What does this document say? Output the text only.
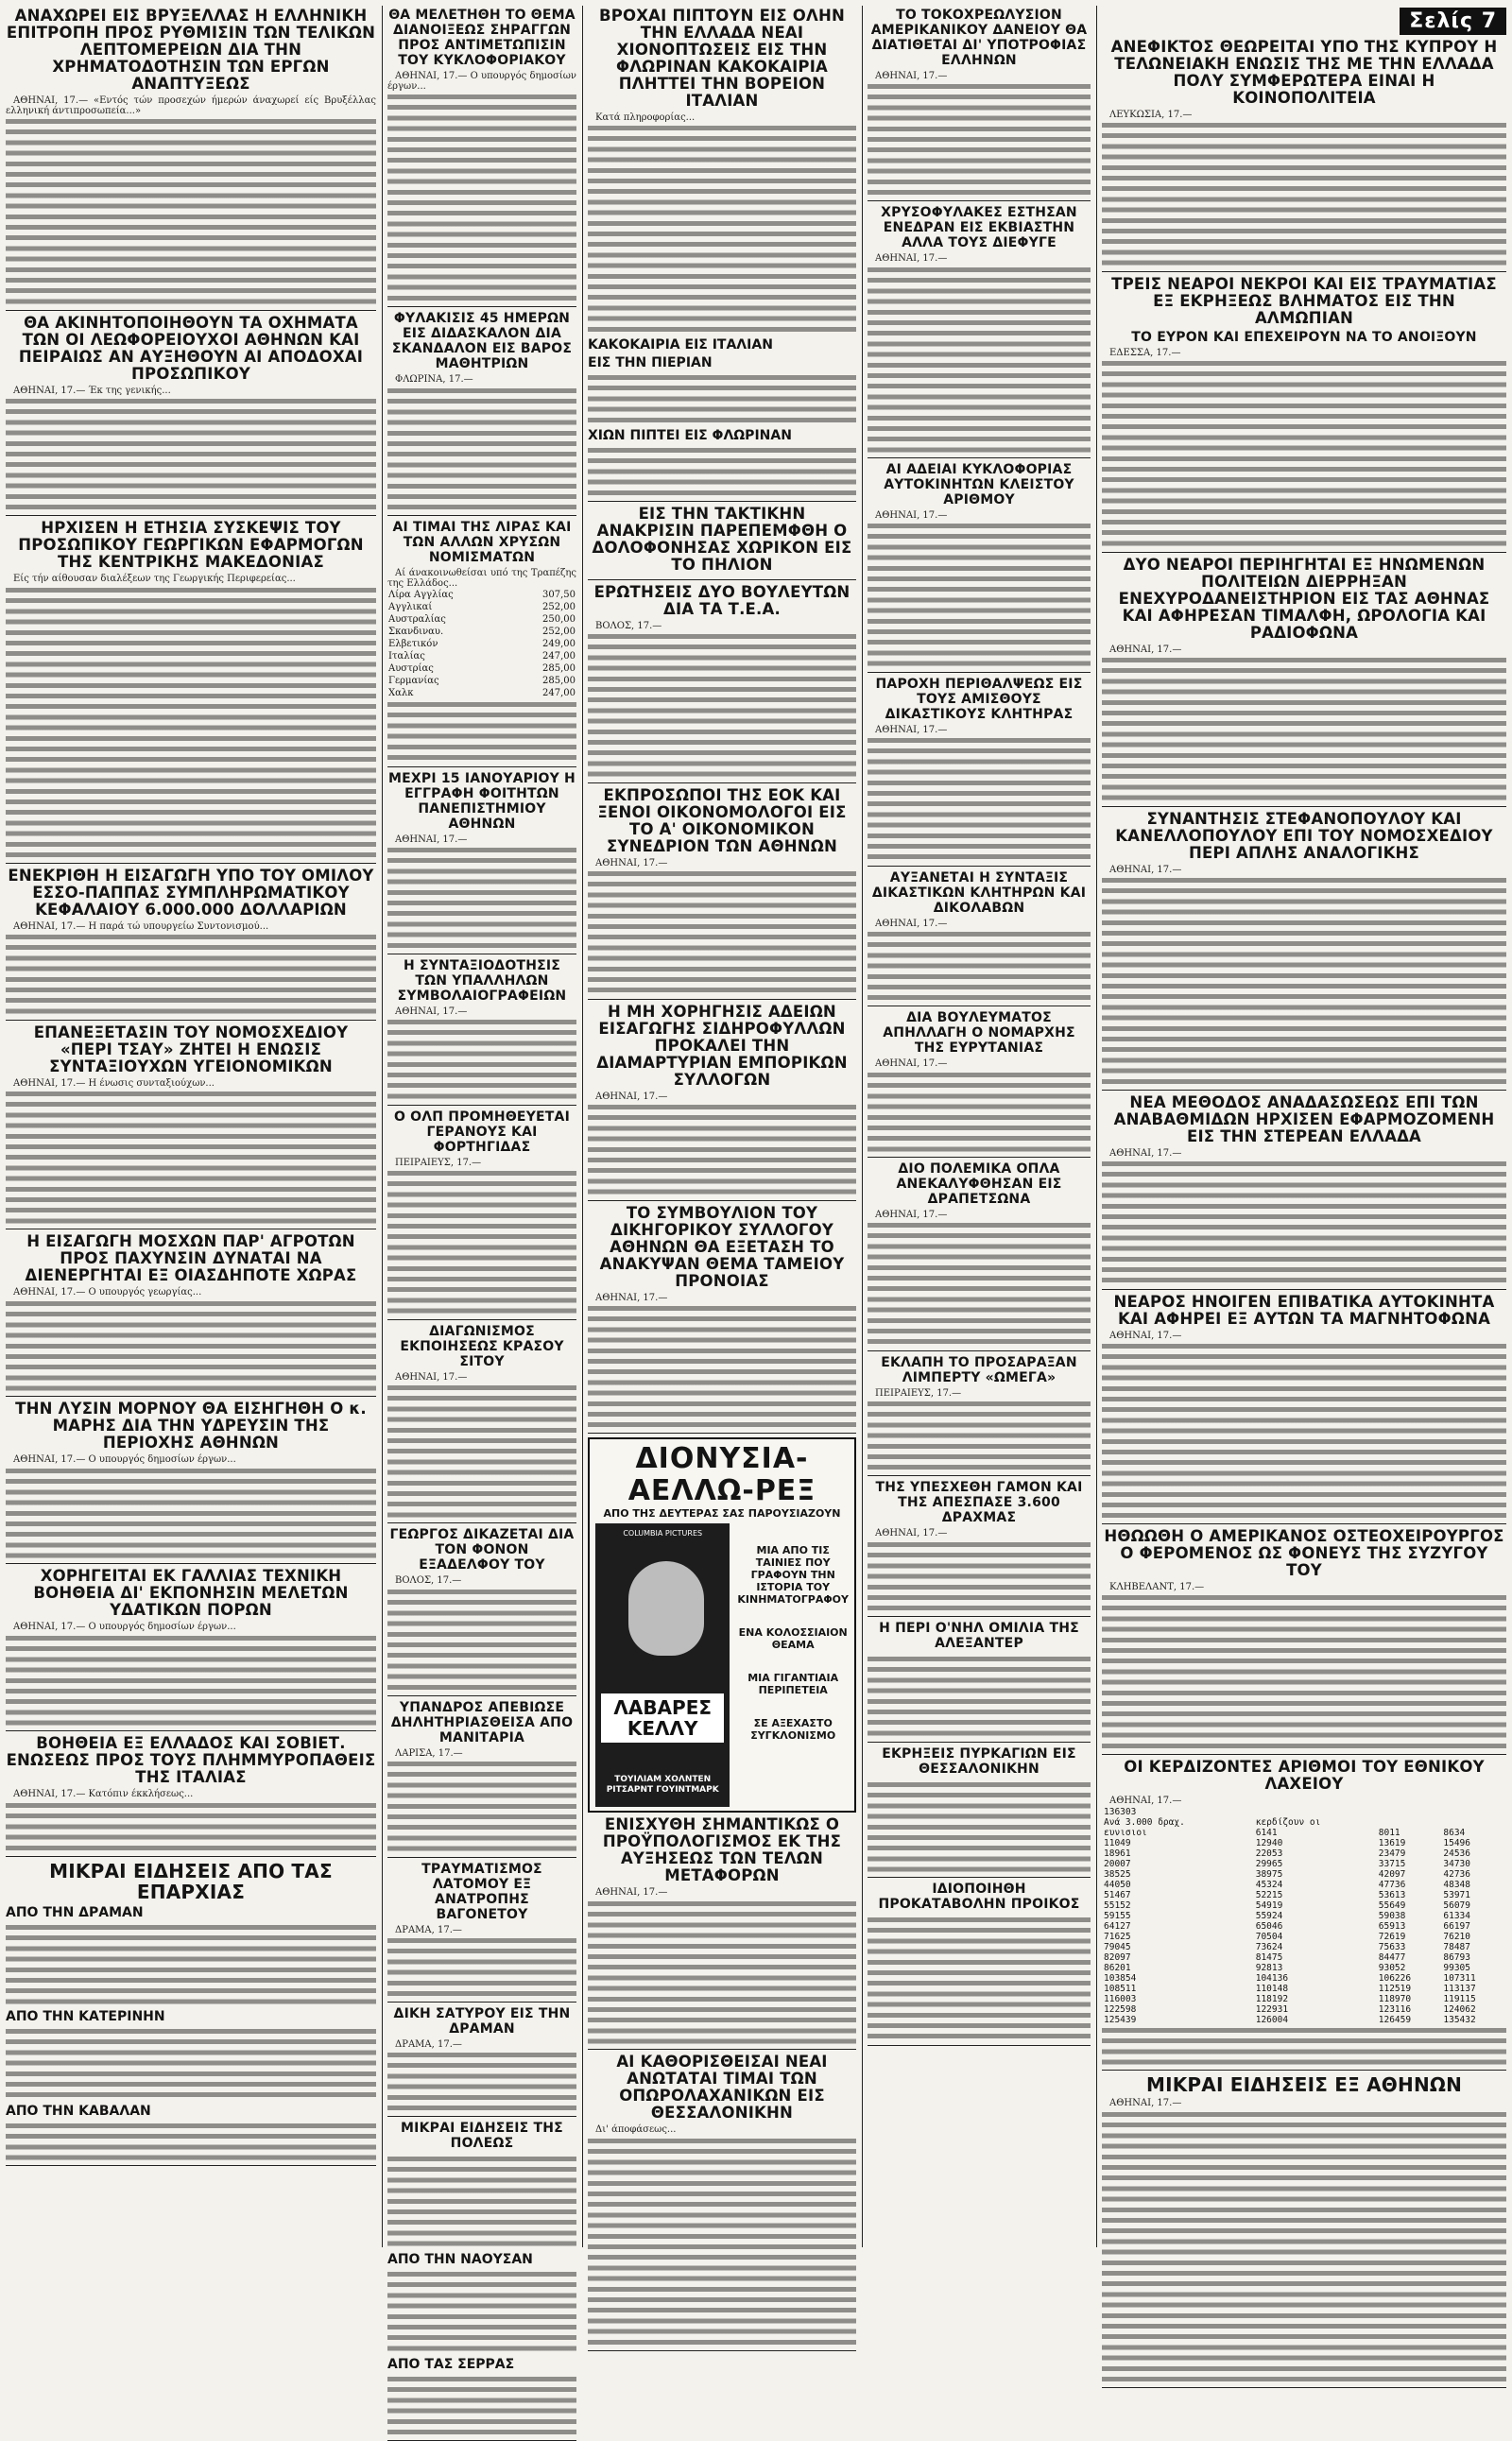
ΑΝΑΧΩΡΕΙ ΕΙΣ ΒΡΥΞΕΛΛΑΣ Η ΕΛΛΗΝΙΚΗ ΕΠΙΤΡΟΠΗ ΠΡΟΣ ΡΥΘΜΙΣΙΝ ΤΩΝ ΤΕΛΙΚΩΝ ΛΕΠΤΟΜΕΡΕΙΩΝ ΔΙΑ ΤΗΝ ΧΡΗΜΑΤΟΔΟΤΗΣΙΝ ΤΩΝ ΕΡΓΩΝ ΑΝΑΠΤΥΞΕΩΣ

ΑΘΗΝΑΙ, 17.— «Εντός τών προσεχών ήμερών άναχωρεί είς Βρυξέλλας ελληνική άντιπροσωπεία...»

ΘΑ ΑΚΙΝΗΤΟΠΟΙΗΘΟΥΝ ΤΑ ΟΧΗΜΑΤΑ ΤΩΝ ΟΙ ΛΕΩΦΟΡΕΙΟΥΧΟΙ ΑΘΗΝΩΝ ΚΑΙ ΠΕΙΡΑΙΩΣ ΑΝ ΑΥΞΗΘΟΥΝ ΑΙ ΑΠΟΔΟΧΑΙ ΠΡΟΣΩΠΙΚΟΥ

ΑΘΗΝΑΙ, 17.— Έκ της γενικής...

ΗΡΧΙΣΕΝ Η ΕΤΗΣΙΑ ΣΥΣΚΕΨΙΣ ΤΟΥ ΠΡΟΣΩΠΙΚΟΥ ΓΕΩΡΓΙΚΩΝ ΕΦΑΡΜΟΓΩΝ ΤΗΣ ΚΕΝΤΡΙΚΗΣ ΜΑΚΕΔΟΝΙΑΣ

Είς τήν αίθουσαν διαλέξεων της Γεωργικής Περιφερείας...

ΕΝΕΚΡΙΘΗ Η ΕΙΣΑΓΩΓΗ ΥΠΟ ΤΟΥ ΟΜΙΛΟΥ ΕΣΣΟ-ΠΑΠΠΑΣ ΣΥΜΠΛΗΡΩΜΑΤΙΚΟΥ ΚΕΦΑΛΑΙΟΥ 6.000.000 ΔΟΛΛΑΡΙΩΝ

ΑΘΗΝΑΙ, 17.— Η παρά τώ υπουργείω Συντονισμού...

ΕΠΑΝΕΞΕΤΑΣΙΝ ΤΟΥ ΝΟΜΟΣΧΕΔΙΟΥ «ΠΕΡΙ ΤΣΑΥ» ΖΗΤΕΙ Η ΕΝΩΣΙΣ ΣΥΝΤΑΞΙΟΥΧΩΝ ΥΓΕΙΟΝΟΜΙΚΩΝ

ΑΘΗΝΑΙ, 17.— Η ένωσις συνταξιούχων...

Η ΕΙΣΑΓΩΓΗ ΜΟΣΧΩΝ ΠΑΡ' ΑΓΡΟΤΩΝ ΠΡΟΣ ΠΑΧΥΝΣΙΝ ΔΥΝΑΤΑΙ ΝΑ ΔΙΕΝΕΡΓΗΤΑΙ ΕΞ ΟΙΑΣΔΗΠΟΤΕ ΧΩΡΑΣ

ΑΘΗΝΑΙ, 17.— Ο υπουργός γεωργίας...

ΤΗΝ ΛΥΣΙΝ ΜΟΡΝΟΥ ΘΑ ΕΙΣΗΓΗΘΗ Ο κ. ΜΑΡΗΣ ΔΙΑ ΤΗΝ ΥΔΡΕΥΣΙΝ ΤΗΣ ΠΕΡΙΟΧΗΣ ΑΘΗΝΩΝ

ΑΘΗΝΑΙ, 17.— Ο υπουργός δημοσίων έργων...

ΧΟΡΗΓΕΙΤΑΙ ΕΚ ΓΑΛΛΙΑΣ ΤΕΧΝΙΚΗ ΒΟΗΘΕΙΑ ΔΙ' ΕΚΠΟΝΗΣΙΝ ΜΕΛΕΤΩΝ ΥΔΑΤΙΚΩΝ ΠΟΡΩΝ

ΑΘΗΝΑΙ, 17.— Ο υπουργός δημοσίων έργων...

ΒΟΗΘΕΙΑ ΕΞ ΕΛΛΑΔΟΣ ΚΑΙ ΣΟΒΙΕΤ. ΕΝΩΣΕΩΣ ΠΡΟΣ ΤΟΥΣ ΠΛΗΜΜΥΡΟΠΑΘΕΙΣ ΤΗΣ ΙΤΑΛΙΑΣ

ΑΘΗΝΑΙ, 17.— Κατόπιν έκκλήσεως...

ΜΙΚΡΑΙ ΕΙΔΗΣΕΙΣ ΑΠΟ ΤΑΣ ΕΠΑΡΧΙΑΣ
ΑΠΟ ΤΗΝ ΔΡΑΜΑΝ
ΑΠΟ ΤΗΝ ΚΑΤΕΡΙΝΗΝ
ΑΠΟ ΤΗΝ ΚΑΒΑΛΑΝ
ΘΑ ΜΕΛΕΤΗΘΗ ΤΟ ΘΕΜΑ ΔΙΑΝΟΙΞΕΩΣ ΣΗΡΑΓΓΩΝ ΠΡΟΣ ΑΝΤΙΜΕΤΩΠΙΣΙΝ ΤΟΥ ΚΥΚΛΟΦΟΡΙΑΚΟΥ

ΑΘΗΝΑΙ, 17.— Ο υπουργός δημοσίων έργων...

ΦΥΛΑΚΙΣΙΣ 45 ΗΜΕΡΩΝ ΕΙΣ ΔΙΔΑΣΚΑΛΟΝ ΔΙΑ ΣΚΑΝΔΑΛΟΝ ΕΙΣ ΒΑΡΟΣ ΜΑΘΗΤΡΙΩΝ

ΦΛΩΡΙΝΑ, 17.—

ΑΙ ΤΙΜΑΙ ΤΗΣ ΛΙΡΑΣ ΚΑΙ ΤΩΝ ΑΛΛΩΝ ΧΡΥΣΩΝ ΝΟΜΙΣΜΑΤΩΝ

Αί άνακοινωθείσαι υπό της Τραπέζης της Ελλάδος...

Λίρα Αγγλίας	307,50
Αγγλικαί	252,00
Αυστραλίας	250,00
Σκανδιναυ.	252,00
Ελβετικόν	249,00
Ιταλίας	247,00
Αυστρίας	285,00
Γερμανίας	285,00
Χαλκ	247,00
ΜΕΧΡΙ 15 ΙΑΝΟΥΑΡΙΟΥ Η ΕΓΓΡΑΦΗ ΦΟΙΤΗΤΩΝ ΠΑΝΕΠΙΣΤΗΜΙΟΥ ΑΘΗΝΩΝ

ΑΘΗΝΑΙ, 17.—

Η ΣΥΝΤΑΞΙΟΔΟΤΗΣΙΣ ΤΩΝ ΥΠΑΛΛΗΛΩΝ ΣΥΜΒΟΛΑΙΟΓΡΑΦΕΙΩΝ

ΑΘΗΝΑΙ, 17.—

Ο ΟΛΠ ΠΡΟΜΗΘΕΥΕΤΑΙ ΓΕΡΑΝΟΥΣ ΚΑΙ ΦΟΡΤΗΓΙΔΑΣ

ΠΕΙΡΑΙΕΥΣ, 17.—

ΔΙΑΓΩΝΙΣΜΟΣ ΕΚΠΟΙΗΣΕΩΣ ΚΡΑΣΟΥ ΣΙΤΟΥ

ΑΘΗΝΑΙ, 17.—

ΓΕΩΡΓΟΣ ΔΙΚΑΖΕΤΑΙ ΔΙΑ ΤΟΝ ΦΟΝΟΝ ΕΞΑΔΕΛΦΟΥ ΤΟΥ

ΒΟΛΟΣ, 17.—

ΥΠΑΝΔΡΟΣ ΑΠΕΒΙΩΣΕ ΔΗΛΗΤΗΡΙΑΣΘΕΙΣΑ ΑΠΟ ΜΑΝΙΤΑΡΙΑ

ΛΑΡΙΣΑ, 17.—

ΤΡΑΥΜΑΤΙΣΜΟΣ ΛΑΤΟΜΟΥ ΕΞ ΑΝΑΤΡΟΠΗΣ ΒΑΓΟΝΕΤΟΥ

ΔΡΑΜΑ, 17.—

ΔΙΚΗ ΣΑΤΥΡΟΥ ΕΙΣ ΤΗΝ ΔΡΑΜΑΝ

ΔΡΑΜΑ, 17.—

ΜΙΚΡΑΙ ΕΙΔΗΣΕΙΣ ΤΗΣ ΠΟΛΕΩΣ
ΑΠΟ ΤΗΝ ΝΑΟΥΣΑΝ
ΑΠΟ ΤΑΣ ΣΕΡΡΑΣ
ΒΡΟΧΑΙ ΠΙΠΤΟΥΝ ΕΙΣ ΟΛΗΝ ΤΗΝ ΕΛΛΑΔΑ ΝΕΑΙ ΧΙΟΝΟΠΤΩΣΕΙΣ ΕΙΣ ΤΗΝ ΦΛΩΡΙΝΑΝ ΚΑΚΟΚΑΙΡΙΑ ΠΛΗΤΤΕΙ ΤΗΝ ΒΟΡΕΙΟΝ ΙΤΑΛΙΑΝ

Κατά πληροφορίας...

ΚΑΚΟΚΑΙΡΙΑ ΕΙΣ ΙΤΑΛΙΑΝ
ΕΙΣ ΤΗΝ ΠΙΕΡΙΑΝ
ΧΙΩΝ ΠΙΠΤΕΙ ΕΙΣ ΦΛΩΡΙΝΑΝ
ΕΙΣ ΤΗΝ ΤΑΚΤΙΚΗΝ ΑΝΑΚΡΙΣΙΝ ΠΑΡΕΠΕΜΦΘΗ Ο ΔΟΛΟΦΟΝΗΣΑΣ ΧΩΡΙΚΟΝ ΕΙΣ ΤΟ ΠΗΛΙΟΝ
ΕΡΩΤΗΣΕΙΣ ΔΥΟ ΒΟΥΛΕΥΤΩΝ ΔΙΑ ΤΑ Τ.Ε.Α.

ΒΟΛΟΣ, 17.—

ΕΚΠΡΟΣΩΠΟΙ ΤΗΣ ΕΟΚ ΚΑΙ ΞΕΝΟΙ ΟΙΚΟΝΟΜΟΛΟΓΟΙ ΕΙΣ ΤΟ Α' ΟΙΚΟΝΟΜΙΚΟΝ ΣΥΝΕΔΡΙΟΝ ΤΩΝ ΑΘΗΝΩΝ

ΑΘΗΝΑΙ, 17.—

Η ΜΗ ΧΟΡΗΓΗΣΙΣ ΑΔΕΙΩΝ ΕΙΣΑΓΩΓΗΣ ΣΙΔΗΡΟΦΥΛΛΩΝ ΠΡΟΚΑΛΕΙ ΤΗΝ ΔΙΑΜΑΡΤΥΡΙΑΝ ΕΜΠΟΡΙΚΩΝ ΣΥΛΛΟΓΩΝ

ΑΘΗΝΑΙ, 17.—

ΤΟ ΣΥΜΒΟΥΛΙΟΝ ΤΟΥ ΔΙΚΗΓΟΡΙΚΟΥ ΣΥΛΛΟΓΟΥ ΑΘΗΝΩΝ ΘΑ ΕΞΕΤΑΣΗ ΤΟ ΑΝΑΚΥΨΑΝ ΘΕΜΑ ΤΑΜΕΙΟΥ ΠΡΟΝΟΙΑΣ

ΑΘΗΝΑΙ, 17.—

ΔΙΟΝΥΣΙΑ-ΑΕΛΛΩ-ΡΕΞ
ΑΠΟ ΤΗΣ ΔΕΥΤΕΡΑΣ ΣΑΣ ΠΑΡΟΥΣΙΑΖΟΥΝ
COLUMBIA PICTURES
ΛΑΒΑΡΕΣ ΚΕΛΛΥ
ΤΟΥΙΛΙΑΜ ΧΟΛΝΤΕΝ ΡΙΤΣΑΡΝΤ ΓΟΥΙΝΤΜΑΡΚ
ΜΙΑ ΑΠΟ ΤΙΣ ΤΑΙΝΙΕΣ ΠΟΥ ΓΡΑΦΟΥΝ ΤΗΝ ΙΣΤΟΡΙΑ ΤΟΥ ΚΙΝΗΜΑΤΟΓΡΑΦΟΥ
ΕΝΑ ΚΟΛΟΣΣΙΑΙΟΝ ΘΕΑΜΑ
ΜΙΑ ΓΙΓΑΝΤΙΑΙΑ ΠΕΡΙΠΕΤΕΙΑ
ΣΕ ΑΞΕΧΑΣΤΟ ΣΥΓΚΛΟΝΙΣΜΟ
ΕΝΙΣΧΥΘΗ ΣΗΜΑΝΤΙΚΩΣ Ο ΠΡΟΫΠΟΛΟΓΙΣΜΟΣ ΕΚ ΤΗΣ ΑΥΞΗΣΕΩΣ ΤΩΝ ΤΕΛΩΝ ΜΕΤΑΦΟΡΩΝ

ΑΘΗΝΑΙ, 17.—

ΑΙ ΚΑΘΟΡΙΣΘΕΙΣΑΙ ΝΕΑΙ ΑΝΩΤΑΤΑΙ ΤΙΜΑΙ ΤΩΝ ΟΠΩΡΟΛΑΧΑΝΙΚΩΝ ΕΙΣ ΘΕΣΣΑΛΟΝΙΚΗΝ

Δι' άποφάσεως...

ΤΟ ΤΟΚΟΧΡΕΩΛΥΣΙΟΝ ΑΜΕΡΙΚΑΝΙΚΟΥ ΔΑΝΕΙΟΥ ΘΑ ΔΙΑΤΙΘΕΤΑΙ ΔΙ' ΥΠΟΤΡΟΦΙΑΣ ΕΛΛΗΝΩΝ

ΑΘΗΝΑΙ, 17.—

ΧΡΥΣΟΦΥΛΑΚΕΣ ΕΣΤΗΣΑΝ ΕΝΕΔΡΑΝ ΕΙΣ ΕΚΒΙΑΣΤΗΝ ΑΛΛΑ ΤΟΥΣ ΔΙΕΦΥΓΕ

ΑΘΗΝΑΙ, 17.—

ΑΙ ΑΔΕΙΑΙ ΚΥΚΛΟΦΟΡΙΑΣ ΑΥΤΟΚΙΝΗΤΩΝ ΚΛΕΙΣΤΟΥ ΑΡΙΘΜΟΥ

ΑΘΗΝΑΙ, 17.—

ΠΑΡΟΧΗ ΠΕΡΙΘΑΛΨΕΩΣ ΕΙΣ ΤΟΥΣ ΑΜΙΣΘΟΥΣ ΔΙΚΑΣΤΙΚΟΥΣ ΚΛΗΤΗΡΑΣ

ΑΘΗΝΑΙ, 17.—

ΑΥΞΑΝΕΤΑΙ Η ΣΥΝΤΑΞΙΣ ΔΙΚΑΣΤΙΚΩΝ ΚΛΗΤΗΡΩΝ ΚΑΙ ΔΙΚΟΛΑΒΩΝ

ΑΘΗΝΑΙ, 17.—

ΔΙΑ ΒΟΥΛΕΥΜΑΤΟΣ ΑΠΗΛΛΑΓΗ Ο ΝΟΜΑΡΧΗΣ ΤΗΣ ΕΥΡΥΤΑΝΙΑΣ

ΑΘΗΝΑΙ, 17.—

ΔΙΟ ΠΟΛΕΜΙΚΑ ΟΠΛΑ ΑΝΕΚΑΛΥΦΘΗΣΑΝ ΕΙΣ ΔΡΑΠΕΤΣΩΝΑ

ΑΘΗΝΑΙ, 17.—

ΕΚΛΑΠΗ ΤΟ ΠΡΟΣΑΡΑΞΑΝ ΛΙΜΠΕΡΤΥ «ΩΜΕΓΑ»

ΠΕΙΡΑΙΕΥΣ, 17.—

ΤΗΣ ΥΠΕΣΧΕΘΗ ΓΑΜΟΝ ΚΑΙ ΤΗΣ ΑΠΕΣΠΑΣΕ 3.600 ΔΡΑΧΜΑΣ

ΑΘΗΝΑΙ, 17.—

Η ΠΕΡΙ Ο'ΝΗΛ ΟΜΙΛΙΑ ΤΗΣ ΑΛΕΞΑΝΤΕΡ
ΕΚΡΗΞΕΙΣ ΠΥΡΚΑΓΙΩΝ ΕΙΣ ΘΕΣΣΑΛΟΝΙΚΗΝ
ΙΔΙΟΠΟΙΗΘΗ ΠΡΟΚΑΤΑΒΟΛΗΝ ΠΡΟΙΚΟΣ
Σελίς 7
ΑΝΕΦΙΚΤΟΣ ΘΕΩΡΕΙΤΑΙ ΥΠΟ ΤΗΣ ΚΥΠΡΟΥ Η ΤΕΛΩΝΕΙΑΚΗ ΕΝΩΣΙΣ ΤΗΣ ΜΕ ΤΗΝ ΕΛΛΑΔΑ ΠΟΛΥ ΣΥΜΦΕΡΩΤΕΡΑ ΕΙΝΑΙ Η ΚΟΙΝΟΠΟΛΙΤΕΙΑ

ΛΕΥΚΩΣΙΑ, 17.—

ΤΡΕΙΣ ΝΕΑΡΟΙ ΝΕΚΡΟΙ ΚΑΙ ΕΙΣ ΤΡΑΥΜΑΤΙΑΣ ΕΞ ΕΚΡΗΞΕΩΣ ΒΛΗΜΑΤΟΣ ΕΙΣ ΤΗΝ ΑΛΜΩΠΙΑΝ
ΤΟ ΕΥΡΟΝ ΚΑΙ ΕΠΕΧΕΙΡΟΥΝ ΝΑ ΤΟ ΑΝΟΙΞΟΥΝ

ΕΔΕΣΣΑ, 17.—

ΔΥΟ ΝΕΑΡΟΙ ΠΕΡΙΗΓΗΤΑΙ ΕΞ ΗΝΩΜΕΝΩΝ ΠΟΛΙΤΕΙΩΝ ΔΙΕΡΡΗΞΑΝ ΕΝΕΧΥΡΟΔΑΝΕΙΣΤΗΡΙΟΝ ΕΙΣ ΤΑΣ ΑΘΗΝΑΣ ΚΑΙ ΑΦΗΡΕΣΑΝ ΤΙΜΑΛΦΗ, ΩΡΟΛΟΓΙΑ ΚΑΙ ΡΑΔΙΟΦΩΝΑ

ΑΘΗΝΑΙ, 17.—

ΣΥΝΑΝΤΗΣΙΣ ΣΤΕΦΑΝΟΠΟΥΛΟΥ ΚΑΙ ΚΑΝΕΛΛΟΠΟΥΛΟΥ ΕΠΙ ΤΟΥ ΝΟΜΟΣΧΕΔΙΟΥ ΠΕΡΙ ΑΠΛΗΣ ΑΝΑΛΟΓΙΚΗΣ

ΑΘΗΝΑΙ, 17.—

ΝΕΑ ΜΕΘΟΔΟΣ ΑΝΑΔΑΣΩΣΕΩΣ ΕΠΙ ΤΩΝ ΑΝΑΒΑΘΜΙΔΩΝ ΗΡΧΙΣΕΝ ΕΦΑΡΜΟΖΟΜΕΝΗ ΕΙΣ ΤΗΝ ΣΤΕΡΕΑΝ ΕΛΛΑΔΑ

ΑΘΗΝΑΙ, 17.—

ΝΕΑΡΟΣ ΗΝΟΙΓΕΝ ΕΠΙΒΑΤΙΚΑ ΑΥΤΟΚΙΝΗΤΑ ΚΑΙ ΑΦΗΡΕΙ ΕΞ ΑΥΤΩΝ ΤΑ ΜΑΓΝΗΤΟΦΩΝΑ

ΑΘΗΝΑΙ, 17.—

ΗΘΩΩΘΗ Ο ΑΜΕΡΙΚΑΝΟΣ ΟΣΤΕΟΧΕΙΡΟΥΡΓΟΣ Ο ΦΕΡΟΜΕΝΟΣ ΩΣ ΦΟΝΕΥΣ ΤΗΣ ΣΥΖΥΓΟΥ ΤΟΥ

ΚΛΗΒΕΛΑΝΤ, 17.—

ΟΙ ΚΕΡΔΙΖΟΝΤΕΣ ΑΡΙΘΜΟΙ ΤΟΥ ΕΘΝΙΚΟΥ ΛΑΧΕΙΟΥ

ΑΘΗΝΑΙ, 17.—

136303			
Ανά 3.000 δραχ.	κερδίζουν οι		
ευνισιοι	6141	8011	8634
11049	12940	13619	15496
18961	22053	23479	24536
20007	29965	33715	34730
38525	38975	42097	42736
44050	45324	47736	48348
51467	52215	53613	53971
55152	54919	55649	56079
59155	55924	59038	61334
64127	65046	65913	66197
71625	70504	72619	76210
79045	73624	75633	78487
82097	81475	84477	86793
86201	92813	93052	99305
103854	104136	106226	107311
108511	110148	112519	113137
116003	118192	118970	119115
122598	122931	123116	124062
125439	126004	126459	135432
ΜΙΚΡΑΙ ΕΙΔΗΣΕΙΣ ΕΞ ΑΘΗΝΩΝ

ΑΘΗΝΑΙ, 17.—
